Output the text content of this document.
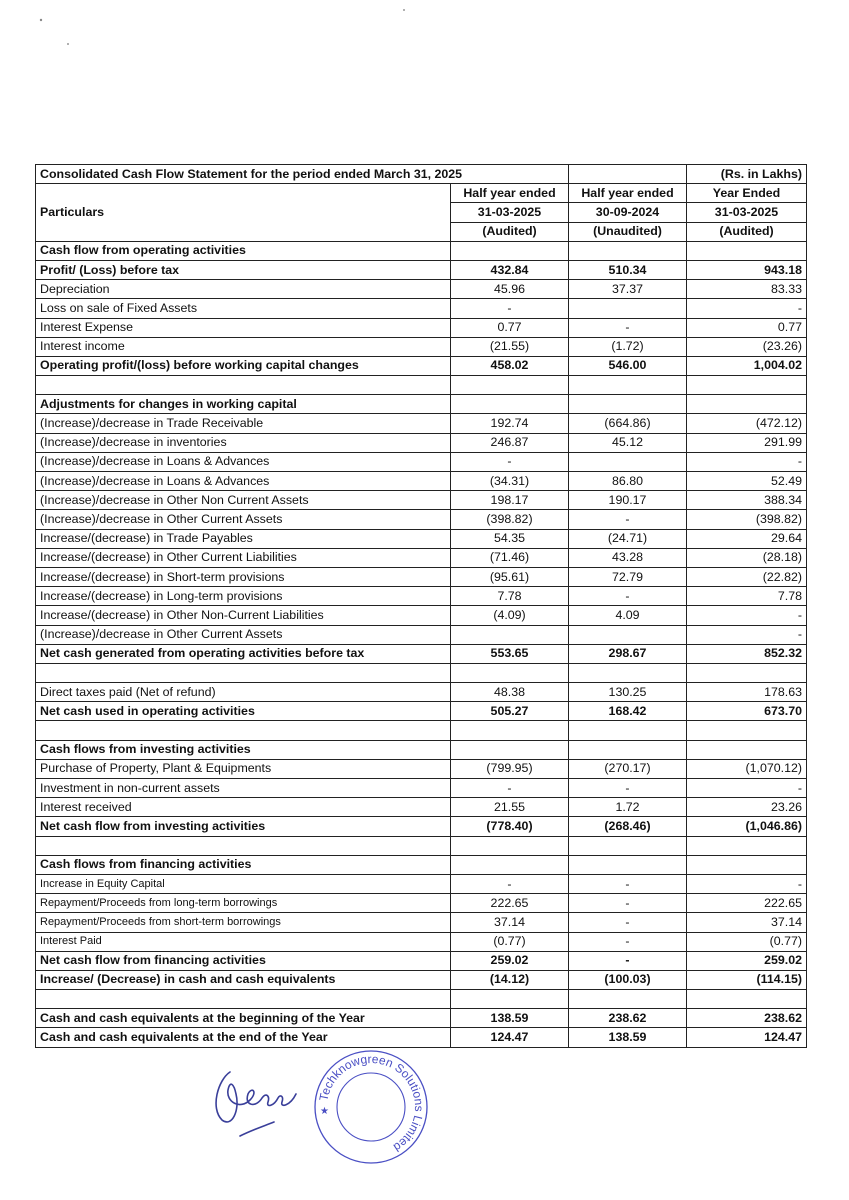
Consolidated Cash Flow Statement for the period ended March 31, 2025			(Rs. in Lakhs)
Particulars	Half year ended	Half year ended	Year Ended
	31-03-2025	30-09-2024	31-03-2025
	(Audited)	(Unaudited)	(Audited)
Cash flow from operating activities			
Profit/ (Loss) before tax	432.84	510.34	943.18
Depreciation	45.96	37.37	83.33
Loss on sale of Fixed Assets	-		-
Interest Expense	0.77	-	0.77
Interest income	(21.55)	(1.72)	(23.26)
Operating profit/(loss) before working capital changes	458.02	546.00	1,004.02

Adjustments for changes in working capital			
(Increase)/decrease in Trade Receivable	192.74	(664.86)	(472.12)
(Increase)/decrease in inventories	246.87	45.12	291.99
(Increase)/decrease in Loans & Advances	-		-
(Increase)/decrease in Loans & Advances	(34.31)	86.80	52.49
(Increase)/decrease in Other Non Current Assets	198.17	190.17	388.34
(Increase)/decrease in Other Current Assets	(398.82)	-	(398.82)
Increase/(decrease) in Trade Payables	54.35	(24.71)	29.64
Increase/(decrease) in Other Current Liabilities	(71.46)	43.28	(28.18)
Increase/(decrease) in Short-term provisions	(95.61)	72.79	(22.82)
Increase/(decrease) in Long-term provisions	7.78	-	7.78
Increase/(decrease) in Other Non-Current Liabilities	(4.09)	4.09	-
(Increase)/decrease in Other Current Assets			-
Net cash generated from operating activities before tax	553.65	298.67	852.32

Direct taxes paid (Net of refund)	48.38	130.25	178.63
Net cash used in operating activities	505.27	168.42	673.70

Cash flows from investing activities			
Purchase of Property, Plant & Equipments	(799.95)	(270.17)	(1,070.12)
Investment in non-current assets	-	-	-
Interest received	21.55	1.72	23.26
Net cash flow from investing activities	(778.40)	(268.46)	(1,046.86)

Cash flows from financing activities			
Increase in Equity Capital	-	-	-
Repayment/Proceeds from long-term borrowings	222.65	-	222.65
Repayment/Proceeds from short-term borrowings	37.14	-	37.14
Interest Paid	(0.77)	-	(0.77)
Net cash flow from financing activities	259.02	-	259.02
Increase/ (Decrease) in cash and cash equivalents	(14.12)	(100.03)	(114.15)

Cash and cash equivalents at the beginning of the Year	138.59	238.62	238.62
Cash and cash equivalents at the end of the Year	124.47	138.59	124.47
Techknowgreen Solutions Limited
★
